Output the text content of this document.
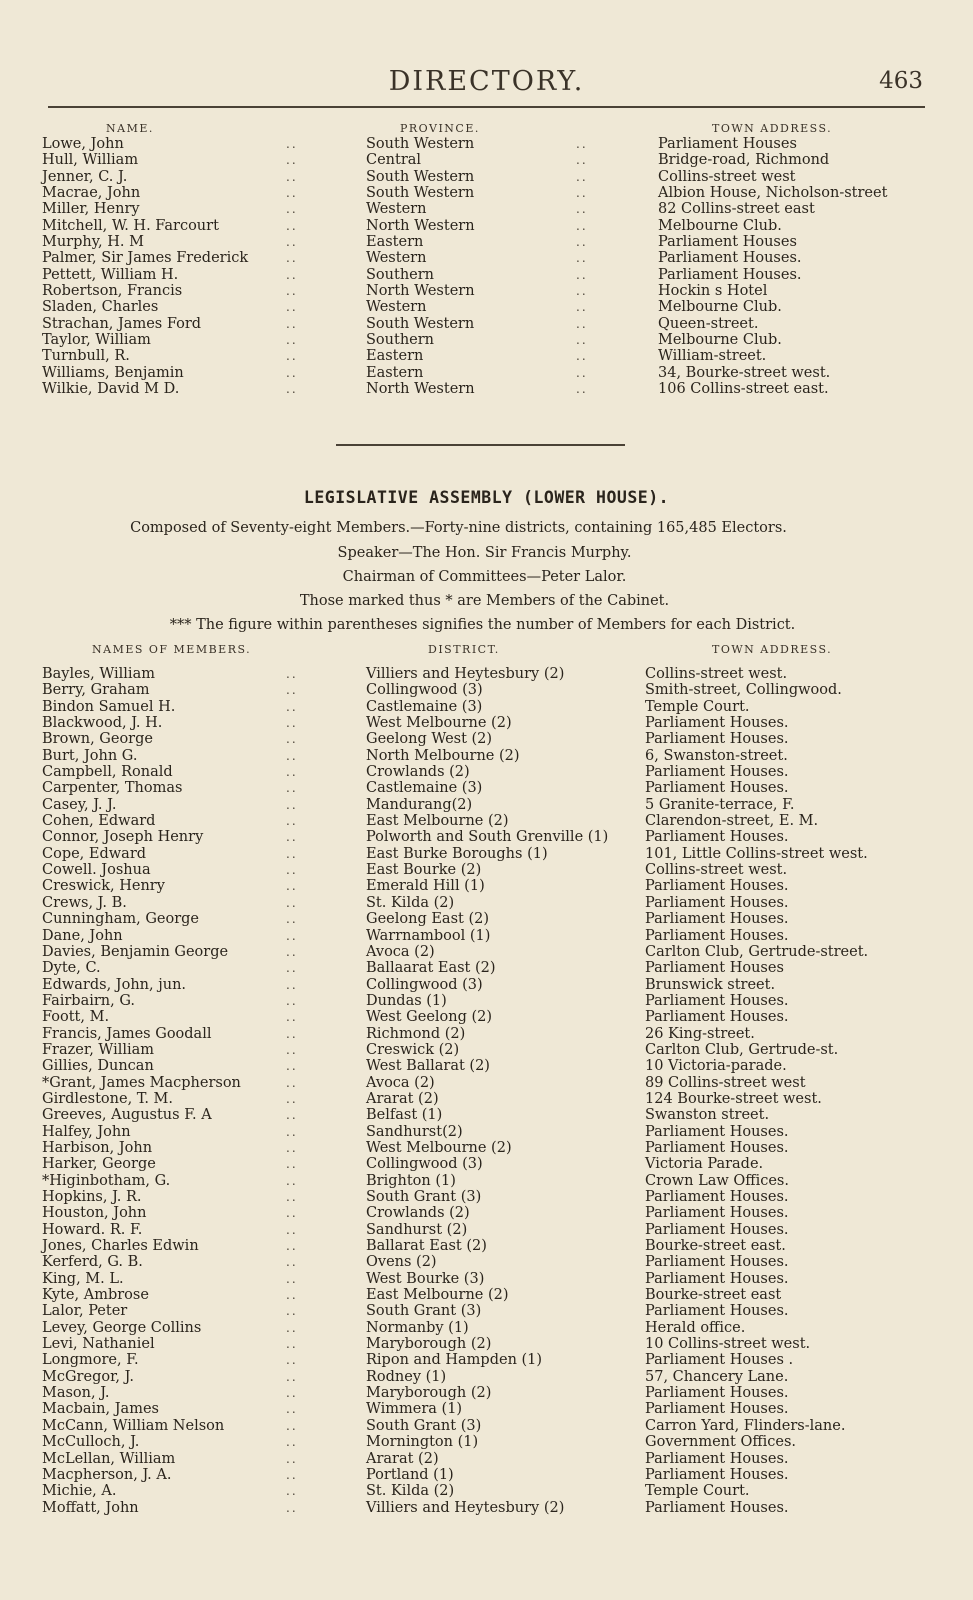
DIRECTORY.	463
NAME.	PROVINCE.	TOWN ADDRESS.
Lowe, John	South Western	Parliament Houses
..	..
Hull, William	Central	Bridge-road, Richmond
..	..
Jenner, C. J.	South Western	Collins-street west
..	..
Macrae, John	South Western	Albion House, Nicholson-street
..	..
Miller, Henry	Western	82 Collins-street east
..	..
Mitchell, W. H. Farcourt	North Western	Melbourne Club.
..	..
Murphy, H. M	Eastern	Parliament Houses
..	..
Palmer, Sir James Frederick	Western	Parliament Houses.
..	..
Pettett, William H.	Southern	Parliament Houses.
..	..
Robertson, Francis	North Western	Hockin s Hotel
..	..
Sladen, Charles	Western	Melbourne Club.
..	..
Strachan, James Ford	South Western	Queen-street.
..	..
Taylor, William	Southern	Melbourne Club.
..	..
Turnbull, R.	Eastern	William-street.
..	..
Williams, Benjamin	Eastern	34, Bourke-street west.
..	..
Wilkie, David M D.	North Western	106 Collins-street east.
..	..
LEGISLATIVE ASSEMBLY (LOWER HOUSE).
Composed of Seventy-eight Members.—Forty-nine districts, containing 165,485 Electors.
Speaker—The Hon. Sir Francis Murphy.
Chairman of Committees—Peter Lalor.
Those marked thus * are Members of the Cabinet.
*** The figure within parentheses signifies the number of Members for each District.
NAMES OF MEMBERS.	DISTRICT.	TOWN ADDRESS.
Bayles, William	Villiers and Heytesbury (2)	Collins-street west.
..
Berry, Graham	Collingwood (3)	Smith-street, Collingwood.
..
Bindon Samuel H.	Castlemaine (3)	Temple Court.
..
Blackwood, J. H.	West Melbourne (2)	Parliament Houses.
..
Brown, George	Geelong West (2)	Parliament Houses.
..
Burt, John G.	North Melbourne (2)	6, Swanston-street.
..
Campbell, Ronald	Crowlands (2)	Parliament Houses.
..
Carpenter, Thomas	Castlemaine (3)	Parliament Houses.
..
Casey, J. J.	Mandurang(2)	5 Granite-terrace, F.
..
Cohen, Edward	East Melbourne (2)	Clarendon-street, E. M.
..
Connor, Joseph Henry	Polworth and South Grenville (1)	Parliament Houses.
..
Cope, Edward	East Burke Boroughs (1)	101, Little Collins-street west.
..
Cowell. Joshua	East Bourke (2)	Collins-street west.
..
Creswick, Henry	Emerald Hill (1)	Parliament Houses.
..
Crews, J. B.	St. Kilda (2)	Parliament Houses.
..
Cunningham, George	Geelong East (2)	Parliament Houses.
..
Dane, John	Warrnambool (1)	Parliament Houses.
..
Davies, Benjamin George	Avoca (2)	Carlton Club, Gertrude-street.
..
Dyte, C.	Ballaarat East (2)	Parliament Houses
..
Edwards, John, jun.	Collingwood (3)	Brunswick street.
..
Fairbairn, G.	Dundas (1)	Parliament Houses.
..
Foott, M.	West Geelong (2)	Parliament Houses.
..
Francis, James Goodall	Richmond (2)	26 King-street.
..
Frazer, William	Creswick (2)	Carlton Club, Gertrude-st.
..
Gillies, Duncan	West Ballarat (2)	10 Victoria-parade.
..
*Grant, James Macpherson	Avoca (2)	89 Collins-street west
..
Girdlestone, T. M.	Ararat (2)	124 Bourke-street west.
..
Greeves, Augustus F. A	Belfast (1)	Swanston street.
..
Halfey, John	Sandhurst(2)	Parliament Houses.
..
Harbison, John	West Melbourne (2)	Parliament Houses.
..
Harker, George	Collingwood (3)	Victoria Parade.
..
*Higinbotham, G.	Brighton (1)	Crown Law Offices.
..
Hopkins, J. R.	South Grant (3)	Parliament Houses.
..
Houston, John	Crowlands (2)	Parliament Houses.
..
Howard. R. F.	Sandhurst (2)	Parliament Houses.
..
Jones, Charles Edwin	Ballarat East (2)	Bourke-street east.
..
Kerferd, G. B.	Ovens (2)	Parliament Houses.
..
King, M. L.	West Bourke (3)	Parliament Houses.
..
Kyte, Ambrose	East Melbourne (2)	Bourke-street east
..
Lalor, Peter	South Grant (3)	Parliament Houses.
..
Levey, George Collins	Normanby (1)	Herald office.
..
Levi, Nathaniel	Maryborough (2)	10 Collins-street west.
..
Longmore, F.	Ripon and Hampden (1)	Parliament Houses .
..
McGregor, J.	Rodney (1)	57, Chancery Lane.
..
Mason, J.	Maryborough (2)	Parliament Houses.
..
Macbain, James	Wimmera (1)	Parliament Houses.
..
McCann, William Nelson	South Grant (3)	Carron Yard, Flinders-lane.
..
McCulloch, J.	Mornington (1)	Government Offices.
..
McLellan, William	Ararat (2)	Parliament Houses.
..
Macpherson, J. A.	Portland (1)	Parliament Houses.
..
Michie, A.	St. Kilda (2)	Temple Court.
..
Moffatt, John	Villiers and Heytesbury (2)	Parliament Houses.
..
